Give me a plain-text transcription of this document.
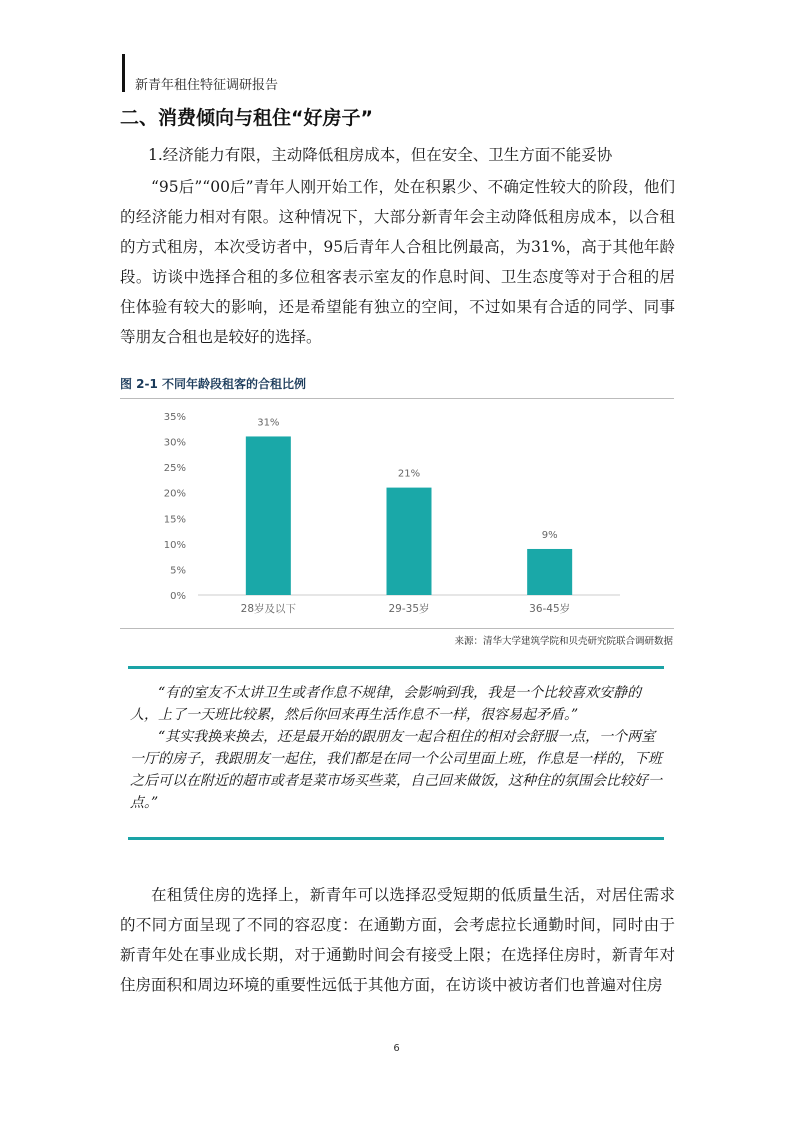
新青年租住特征调研报告
二、消费倾向与租住“好房子”
1.经济能力有限，主动降低租房成本，但在安全、卫生方面不能妥协

“95后”“00后”青年人刚开始工作，处在积累少、不确定性较大的阶段，他们的经济能力相对有限。这种情况下，大部分新青年会主动降低租房成本，以合租的方式租房，本次受访者中，95后青年人合租比例最高，为31%，高于其他年龄段。访谈中选择合租的多位租客表示室友的作息时间、卫生态度等对于合租的居住体验有较大的影响，还是希望能有独立的空间，不过如果有合适的同学、同事等朋友合租也是较好的选择。

图 2-1 不同年龄段租客的合租比例
0%
5%
10%
15%
20%
25%
30%
35%	31%
28岁及以下
21%
29-35岁
9%
36-45岁
来源：清华大学建筑学院和贝壳研究院联合调研数据

“有的室友不太讲卫生或者作息不规律，会影响到我，我是一个比较喜欢安静的人，上了一天班比较累，然后你回来再生活作息不一样，很容易起矛盾。”

“其实我换来换去，还是最开始的跟朋友一起合租住的相对会舒服一点，一个两室一厅的房子，我跟朋友一起住，我们都是在同一个公司里面上班，作息是一样的，下班之后可以在附近的超市或者是菜市场买些菜，自己回来做饭，这种住的氛围会比较好一点。”

在租赁住房的选择上，新青年可以选择忍受短期的低质量生活，对居住需求的不同方面呈现了不同的容忍度：在通勤方面，会考虑拉长通勤时间，同时由于新青年处在事业成长期，对于通勤时间会有接受上限；在选择住房时，新青年对住房面积和周边环境的重要性远低于其他方面，在访谈中被访者们也普遍对住房

6
